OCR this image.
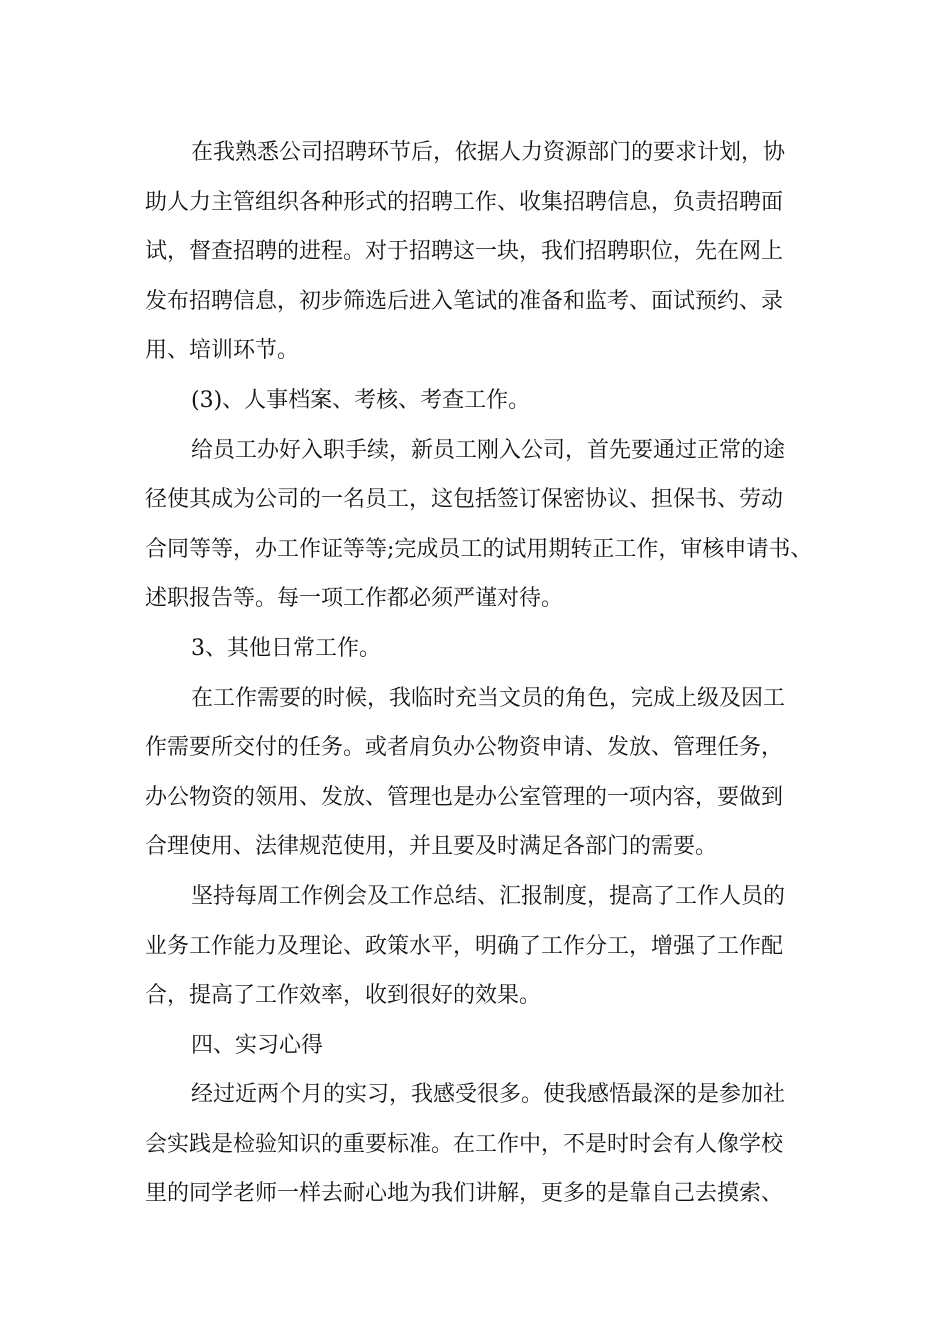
在我熟悉公司招聘环节后，依据人力资源部门的要求计划，协
助人力主管组织各种形式的招聘工作、收集招聘信息，负责招聘面
试，督查招聘的进程。对于招聘这一块，我们招聘职位，先在网上
发布招聘信息，初步筛选后进入笔试的准备和监考、面试预约、录
用、培训环节。
(3)、人事档案、考核、考查工作。
给员工办好入职手续，新员工刚入公司，首先要通过正常的途
径使其成为公司的一名员工，这包括签订保密协议、担保书、劳动
合同等等，办工作证等等;完成员工的试用期转正工作，审核申请书、
述职报告等。每一项工作都必须严谨对待。
3、其他日常工作。
在工作需要的时候，我临时充当文员的角色，完成上级及因工
作需要所交付的任务。或者肩负办公物资申请、发放、管理任务，
办公物资的领用、发放、管理也是办公室管理的一项内容，要做到
合理使用、法律规范使用，并且要及时满足各部门的需要。
坚持每周工作例会及工作总结、汇报制度，提高了工作人员的
业务工作能力及理论、政策水平，明确了工作分工，增强了工作配
合，提高了工作效率，收到很好的效果。
四、实习心得
经过近两个月的实习，我感受很多。使我感悟最深的是参加社
会实践是检验知识的重要标准。在工作中，不是时时会有人像学校
里的同学老师一样去耐心地为我们讲解，更多的是靠自己去摸索、
